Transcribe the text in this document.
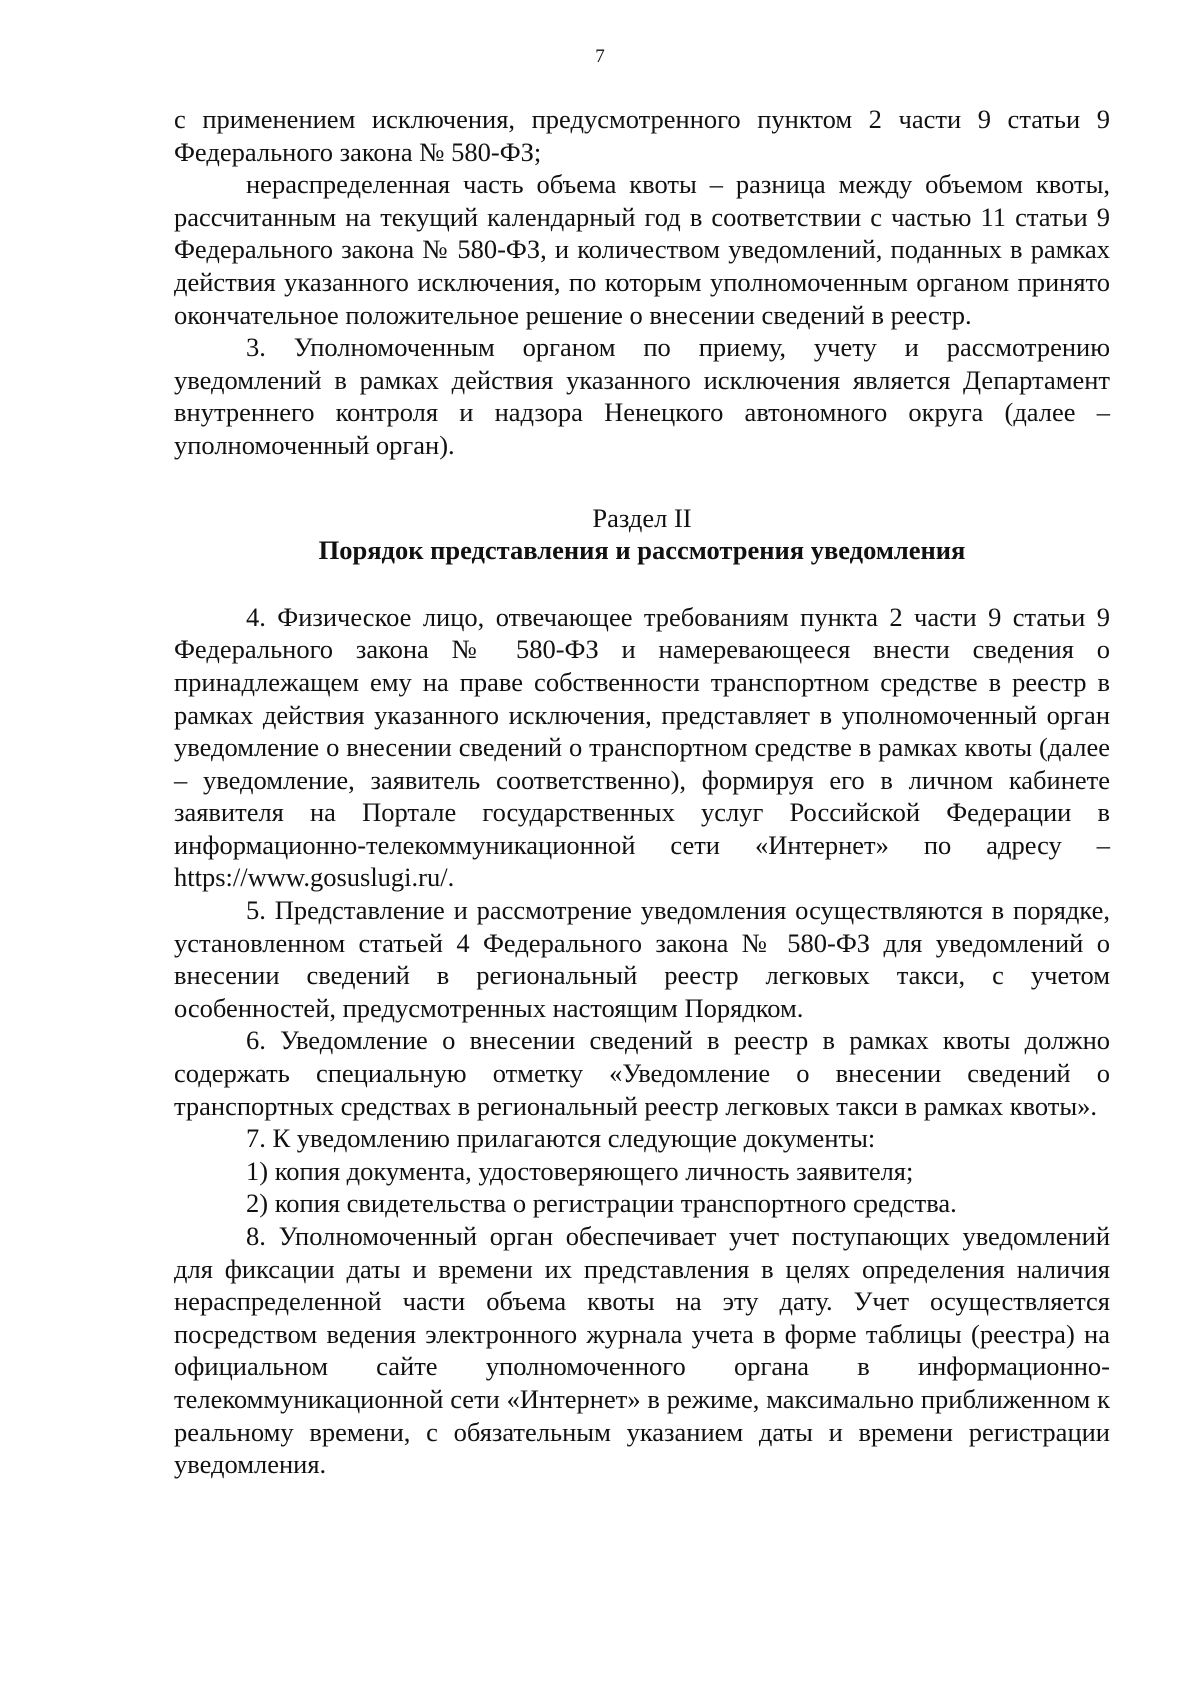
7

с применением исключения, предусмотренного пунктом 2 части 9 статьи 9 Федерального закона № 580-ФЗ;

нераспределенная часть объема квоты – разница между объемом квоты, рассчитанным на текущий календарный год в соответствии с частью 11 статьи 9 Федерального закона № 580-ФЗ, и количеством уведомлений, поданных в рамках действия указанного исключения, по которым уполномоченным органом принято окончательное положительное решение о внесении сведений в реестр.

3. Уполномоченным органом по приему, учету и рассмотрению уведомлений в рамках действия указанного исключения является Департамент внутреннего контроля и надзора Ненецкого автономного округа (далее – уполномоченный орган).

Раздел II

Порядок представления и рассмотрения уведомления

4. Физическое лицо, отвечающее требованиям пункта 2 части 9 статьи 9 Федерального закона № 580-ФЗ и намеревающееся внести сведения о принадлежащем ему на праве собственности транспортном средстве в реестр в рамках действия указанного исключения, представляет в уполномоченный орган уведомление о внесении сведений о транспортном средстве в рамках квоты (далее – уведомление, заявитель соответственно), формируя его в личном кабинете заявителя на Портале государственных услуг Российской Федерации в информационно-телекоммуникационной сети «Интернет» по адресу – https://www.gosuslugi.ru/.

5. Представление и рассмотрение уведомления осуществляются в порядке, установленном статьей 4 Федерального закона № 580-ФЗ для уведомлений о внесении сведений в региональный реестр легковых такси, с учетом особенностей, предусмотренных настоящим Порядком.

6. Уведомление о внесении сведений в реестр в рамках квоты должно содержать специальную отметку «Уведомление о внесении сведений о транспортных средствах в региональный реестр легковых такси в рамках квоты».

7. К уведомлению прилагаются следующие документы:

1) копия документа, удостоверяющего личность заявителя;

2) копия свидетельства о регистрации транспортного средства.

8. Уполномоченный орган обеспечивает учет поступающих уведомлений для фиксации даты и времени их представления в целях определения наличия нераспределенной части объема квоты на эту дату. Учет осуществляется посредством ведения электронного журнала учета в форме таблицы (реестра) на официальном сайте уполномоченного органа в информационно-телекоммуникационной сети «Интернет» в режиме, максимально приближенном к реальному времени, с обязательным указанием даты и времени регистрации уведомления.
